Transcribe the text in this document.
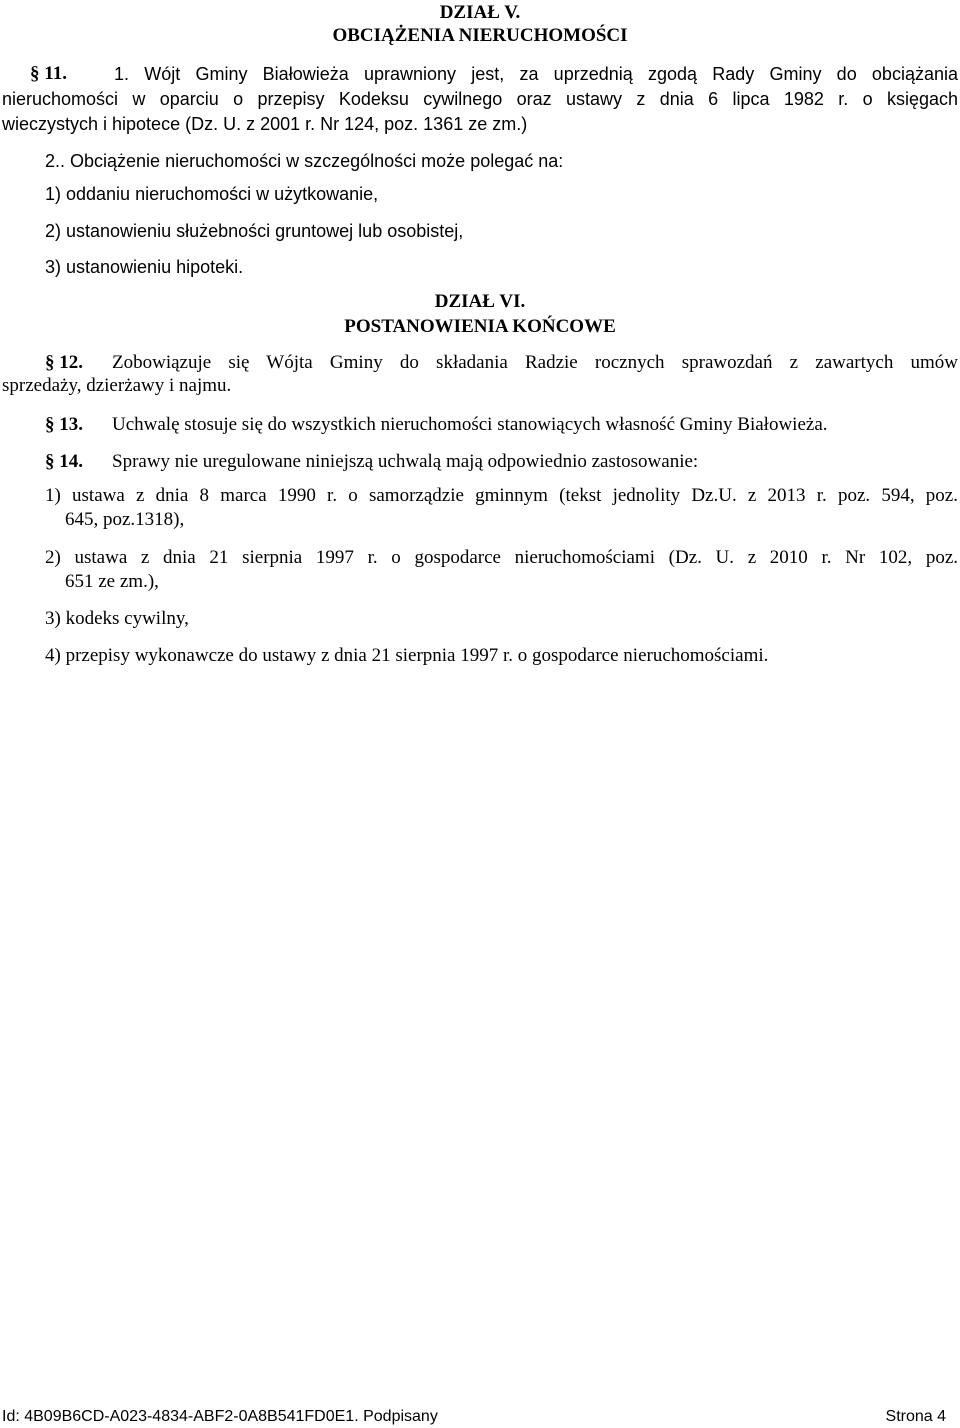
DZIAŁ V.
OBCIĄŻENIA NIERUCHOMOŚCI
§ 11.	1. Wójt Gminy Białowieża uprawniony jest, za uprzednią zgodą Rady Gminy do obciążania
nieruchomości w oparciu o przepisy Kodeksu cywilnego oraz ustawy z dnia 6 lipca 1982 r. o księgach
wieczystych i hipotece (Dz. U. z 2001 r. Nr 124, poz. 1361 ze zm.)
2.. Obciążenie nieruchomości w szczególności może polegać na:
1) oddaniu nieruchomości w użytkowanie,
2) ustanowieniu służebności gruntowej lub osobistej,
3) ustanowieniu hipoteki.
DZIAŁ VI.
POSTANOWIENIA KOŃCOWE
§ 12. Zobowiązuje się Wójta Gminy do składania Radzie rocznych sprawozdań z zawartych umów
sprzedaży, dzierżawy i najmu.
§ 13. Uchwalę stosuje się do wszystkich nieruchomości stanowiących własność Gminy Białowieża.
§ 14. Sprawy nie uregulowane niniejszą uchwalą mają odpowiednio zastosowanie:
1) ustawa z dnia 8 marca 1990 r. o samorządzie gminnym (tekst jednolity Dz.U. z 2013 r. poz. 594, poz.
645, poz.1318),
2) ustawa z dnia 21 sierpnia 1997 r. o gospodarce nieruchomościami (Dz. U. z 2010 r. Nr 102, poz.
651 ze zm.),
3) kodeks cywilny,
4) przepisy wykonawcze do ustawy z dnia 21 sierpnia 1997 r. o gospodarce nieruchomościami.
Id: 4B09B6CD-A023-4834-ABF2-0A8B541FD0E1. Podpisany	Strona 4
